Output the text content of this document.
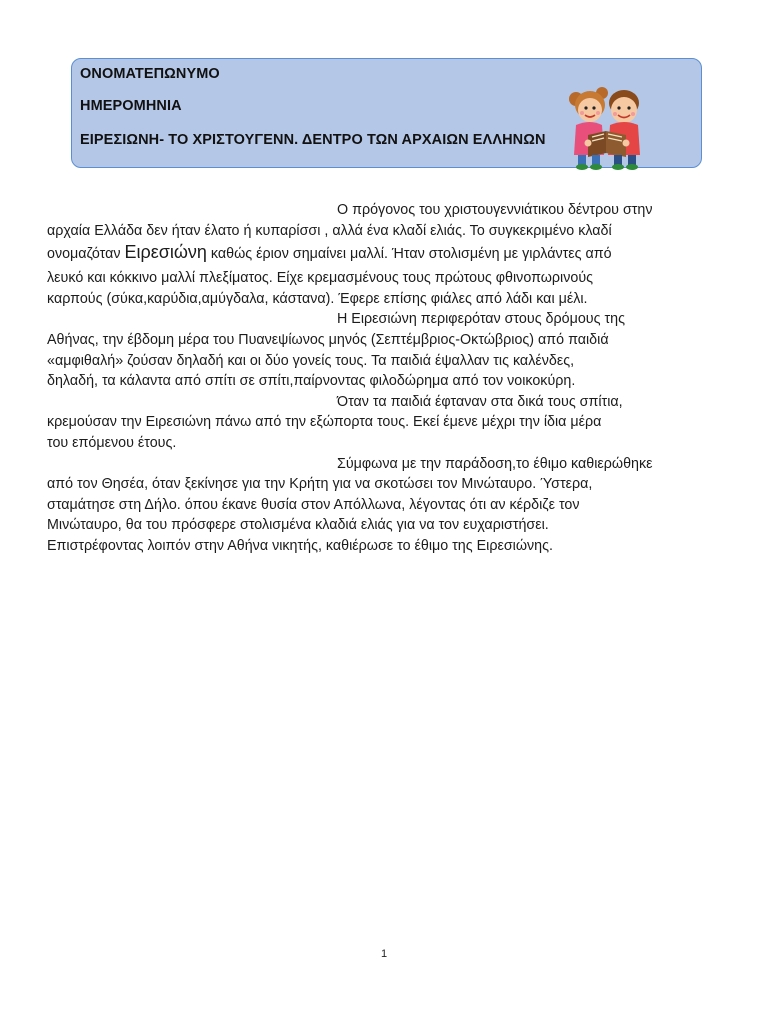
ΟΝΟΜΑΤΕΠΩΝΥΜΟ
ΗΜΕΡΟΜΗΝΙΑ
ΕΙΡΕΣΙΩΝΗ- ΤΟ ΧΡΙΣΤΟΥΓΕΝΝ. ΔΕΝΤΡΟ ΤΩΝ ΑΡΧΑΙΩΝ ΕΛΛΗΝΩΝ

Ο πρόγονος του χριστουγεννιάτικου δέντρου στην
αρχαία Ελλάδα δεν ήταν έλατο ή κυπαρίσσι , αλλά ένα κλαδί ελιάς. Το συγκεκριμένο κλαδί
ονομαζόταν Ειρεσιώνη καθώς έριον σημαίνει μαλλί. Ήταν στολισμένη με γιρλάντες από
λευκό και κόκκινο μαλλί πλεξίματος. Είχε κρεμασμένους τους πρώτους φθινοπωρινούς
καρπούς (σύκα,καρύδια,αμύγδαλα, κάστανα). Έφερε επίσης φιάλες από λάδι και μέλι.

Η Ειρεσιώνη περιφερόταν στους δρόμους της
Αθήνας, την έβδομη μέρα του Πυανεψίωνος μηνός (Σεπτέμβριος-Οκτώβριος) από παιδιά
«αμφιθαλή» ζούσαν δηλαδή και οι δύο γονείς τους. Τα παιδιά έψαλλαν τις καλένδες,
δηλαδή, τα κάλαντα από σπίτι σε σπίτι,παίρνοντας φιλοδώρημα από τον νοικοκύρη.

Όταν τα παιδιά έφταναν στα δικά τους σπίτια,
κρεμούσαν την Ειρεσιώνη πάνω από την εξώπορτα τους. Εκεί έμενε μέχρι την ίδια μέρα
του επόμενου έτους.

Σύμφωνα με την παράδοση,το έθιμο καθιερώθηκε
από τον Θησέα, όταν ξεκίνησε για την Κρήτη για να σκοτώσει τον Μινώταυρο. Ύστερα,
σταμάτησε στη Δήλο. όπου έκανε θυσία στον Απόλλωνα, λέγοντας ότι αν κέρδιζε τον
Μινώταυρο, θα του πρόσφερε στολισμένα κλαδιά ελιάς για να τον ευχαριστήσει.
Επιστρέφοντας λοιπόν στην Αθήνα νικητής, καθιέρωσε το έθιμο της Ειρεσιώνης.

1
